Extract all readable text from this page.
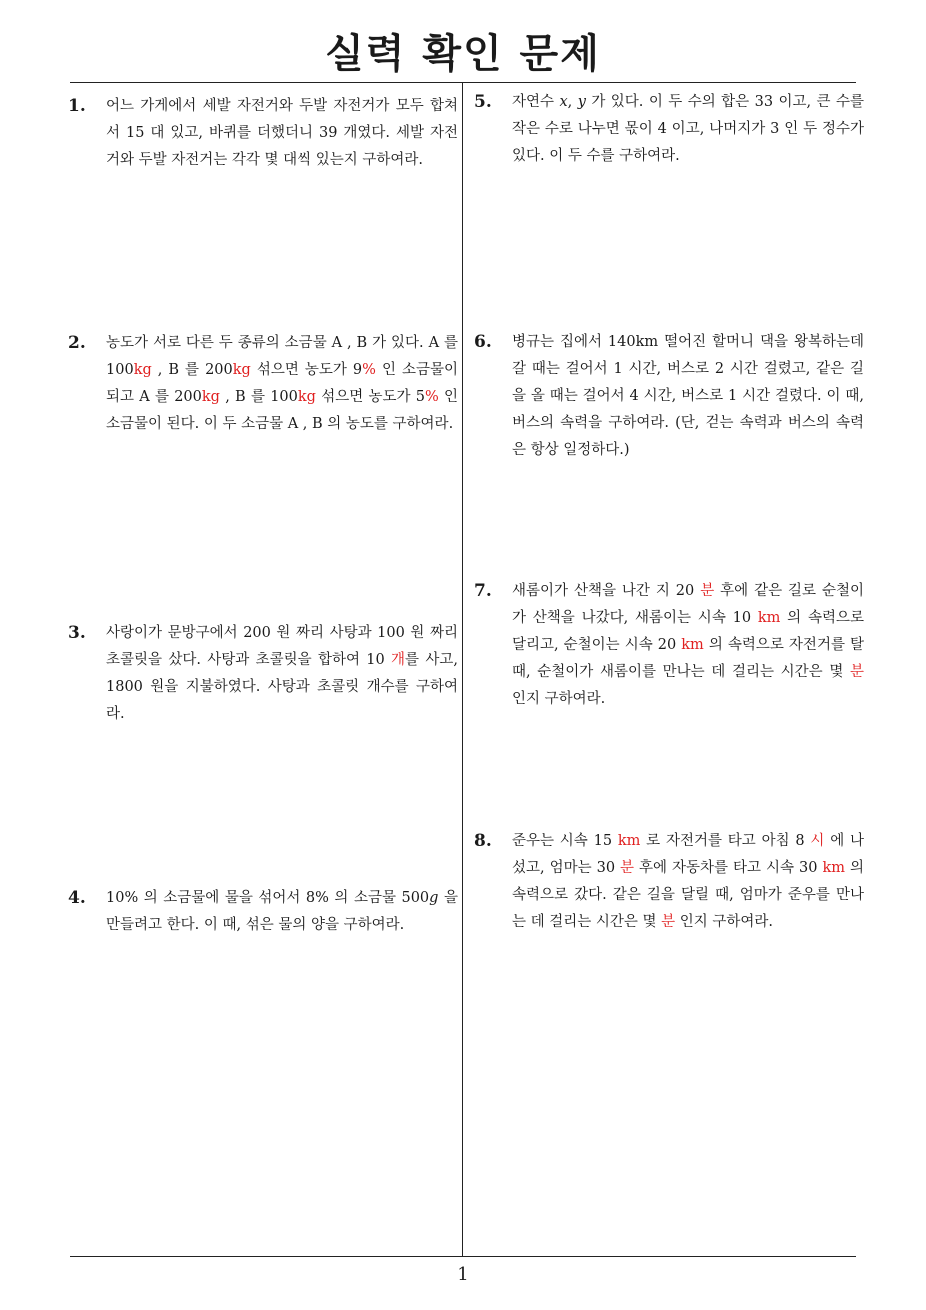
실력 확인 문제
1. 어느 가게에서 세발 자전거와 두발 자전거가 모두 합쳐서 15 대 있고, 바퀴를 더했더니 39 개였다. 세발 자전거와 두발 자전거는 각각 몇 대씩 있는지 구하여라.
2. 농도가 서로 다른 두 종류의 소금물 A , B 가 있다. A 를 100kg , B 를 200kg 섞으면 농도가 9% 인 소금물이 되고 A 를 200kg , B 를 100kg 섞으면 농도가 5% 인 소금물이 된다. 이 두 소금물 A , B 의 농도를 구하여라.
3. 사랑이가 문방구에서 200 원 짜리 사탕과 100 원 짜리 초콜릿을 샀다. 사탕과 초콜릿을 합하여 10 개를 사고, 1800 원을 지불하였다. 사탕과 초콜릿 개수를 구하여라.
4. 10% 의 소금물에 물을 섞어서 8% 의 소금물 500g 을 만들려고 한다. 이 때, 섞은 물의 양을 구하여라.
5. 자연수 x, y 가 있다. 이 두 수의 합은 33 이고, 큰 수를 작은 수로 나누면 몫이 4 이고, 나머지가 3 인 두 정수가 있다. 이 두 수를 구하여라.
6. 병규는 집에서 140km 떨어진 할머니 댁을 왕복하는데 갈 때는 걸어서 1 시간, 버스로 2 시간 걸렸고, 같은 길을 올 때는 걸어서 4 시간, 버스로 1 시간 걸렸다. 이 때, 버스의 속력을 구하여라. (단, 걷는 속력과 버스의 속력은 항상 일정하다.)
7. 새롬이가 산책을 나간 지 20 분 후에 같은 길로 순철이가 산책을 나갔다, 새롬이는 시속 10 km 의 속력으로 달리고, 순철이는 시속 20 km 의 속력으로 자전거를 탈 때, 순철이가 새롬이를 만나는 데 걸리는 시간은 몇 분 인지 구하여라.
8. 준우는 시속 15 km 로 자전거를 타고 아침 8 시 에 나섰고, 엄마는 30 분 후에 자동차를 타고 시속 30 km 의 속력으로 갔다. 같은 길을 달릴 때, 엄마가 준우를 만나는 데 걸리는 시간은 몇 분 인지 구하여라.
1
